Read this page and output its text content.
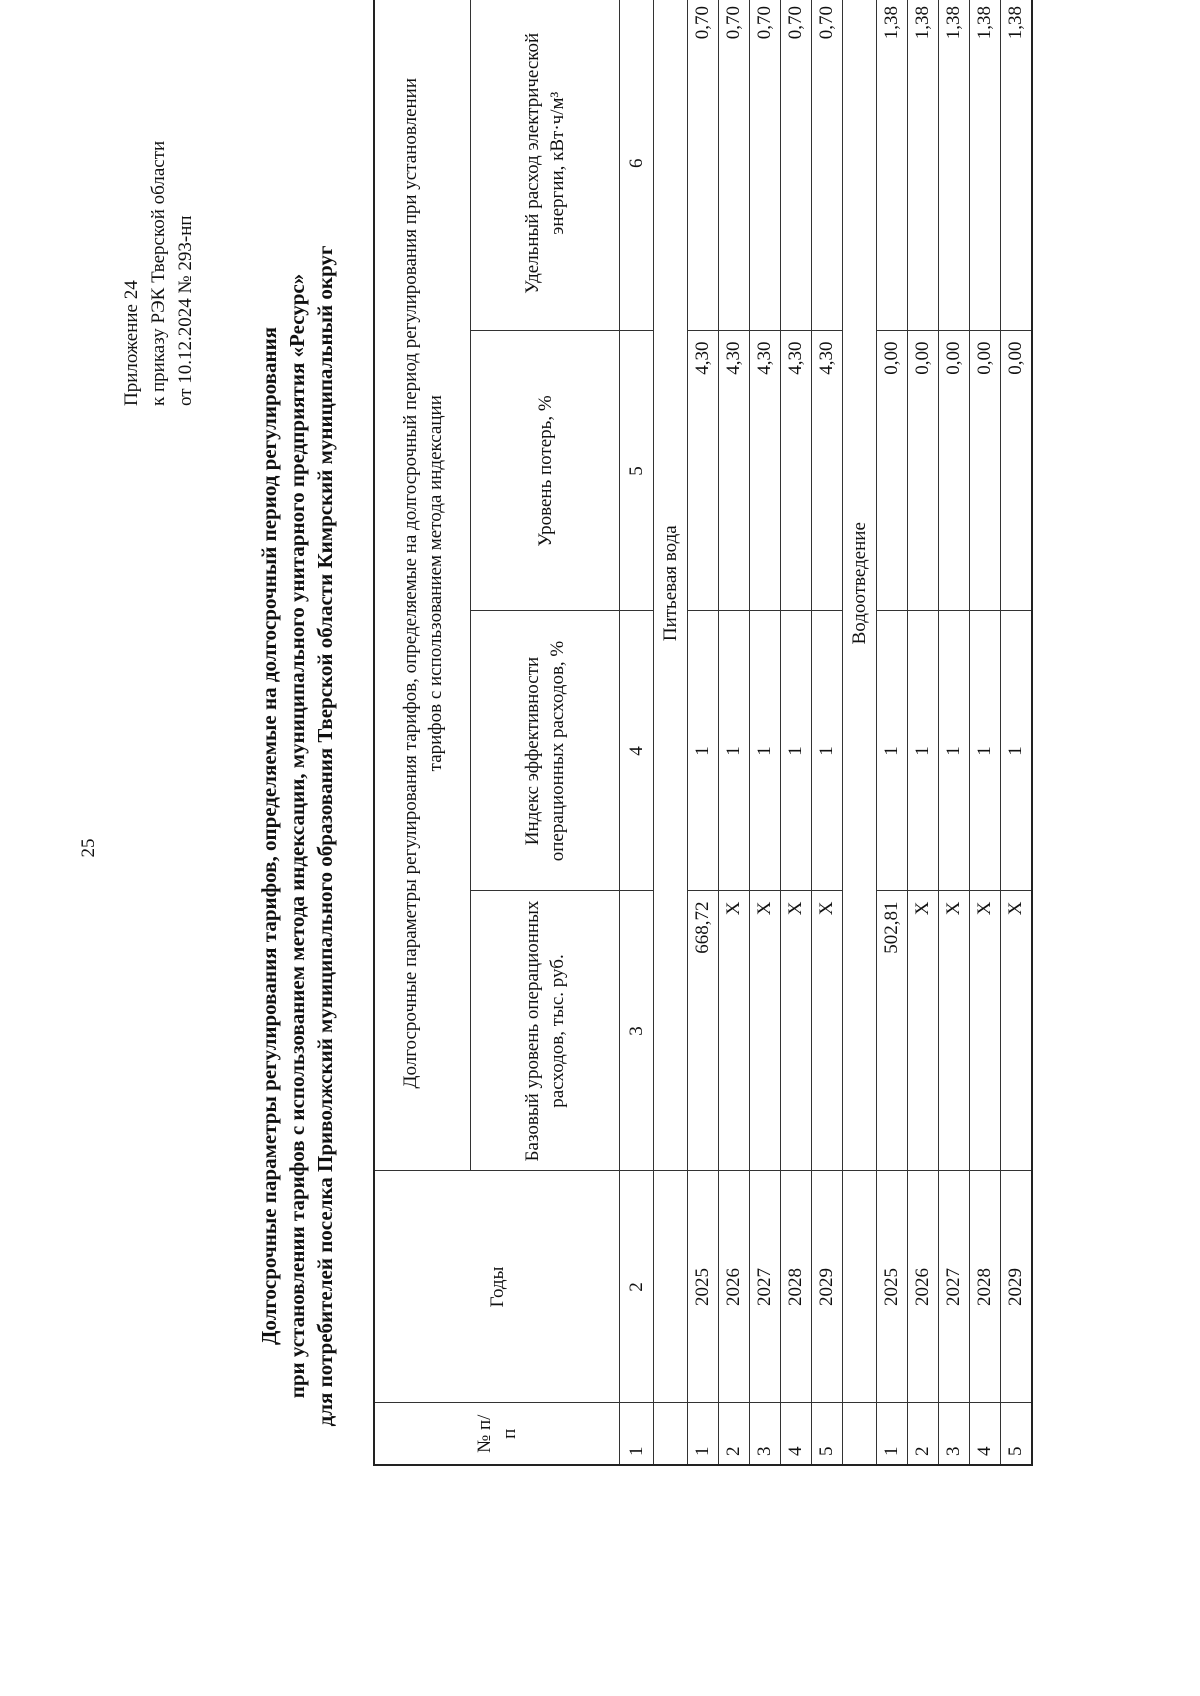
25
Приложение 24 к приказу РЭК Тверской области от 10.12.2024 № 293-нп
Долгосрочные параметры регулирования тарифов, определяемые на долгосрочный период регулирования при установлении тарифов с использованием метода индексации, муниципального унитарного предприятия «Ресурс» для потребителей поселка Приволжский муниципального образования Тверской области Кимрский муниципальный округ
№ п/п	Годы	Долгосрочные параметры регулирования тарифов, определяемые на долгосрочный период регулирования при установлении тарифов с использованием метода индексации			
		Базовый уровень операционных расходов, тыс. руб.	Индекс эффективности операционных расходов, %	Уровень потерь, %	Удельный расход электрической энергии, кВт·ч/м³
1	2	3	4	5	6
		Питьевая вода			
1	2025	668,72	1	4,30	0,70
2	2026	Х	1	4,30	0,70
3	2027	Х	1	4,30	0,70
4	2028	Х	1	4,30	0,70
5	2029	Х	1	4,30	0,70
		Водоотведение			
1	2025	502,81	1	0,00	1,38
2	2026	Х	1	0,00	1,38
3	2027	Х	1	0,00	1,38
4	2028	Х	1	0,00	1,38
5	2029	Х	1	0,00	1,38
